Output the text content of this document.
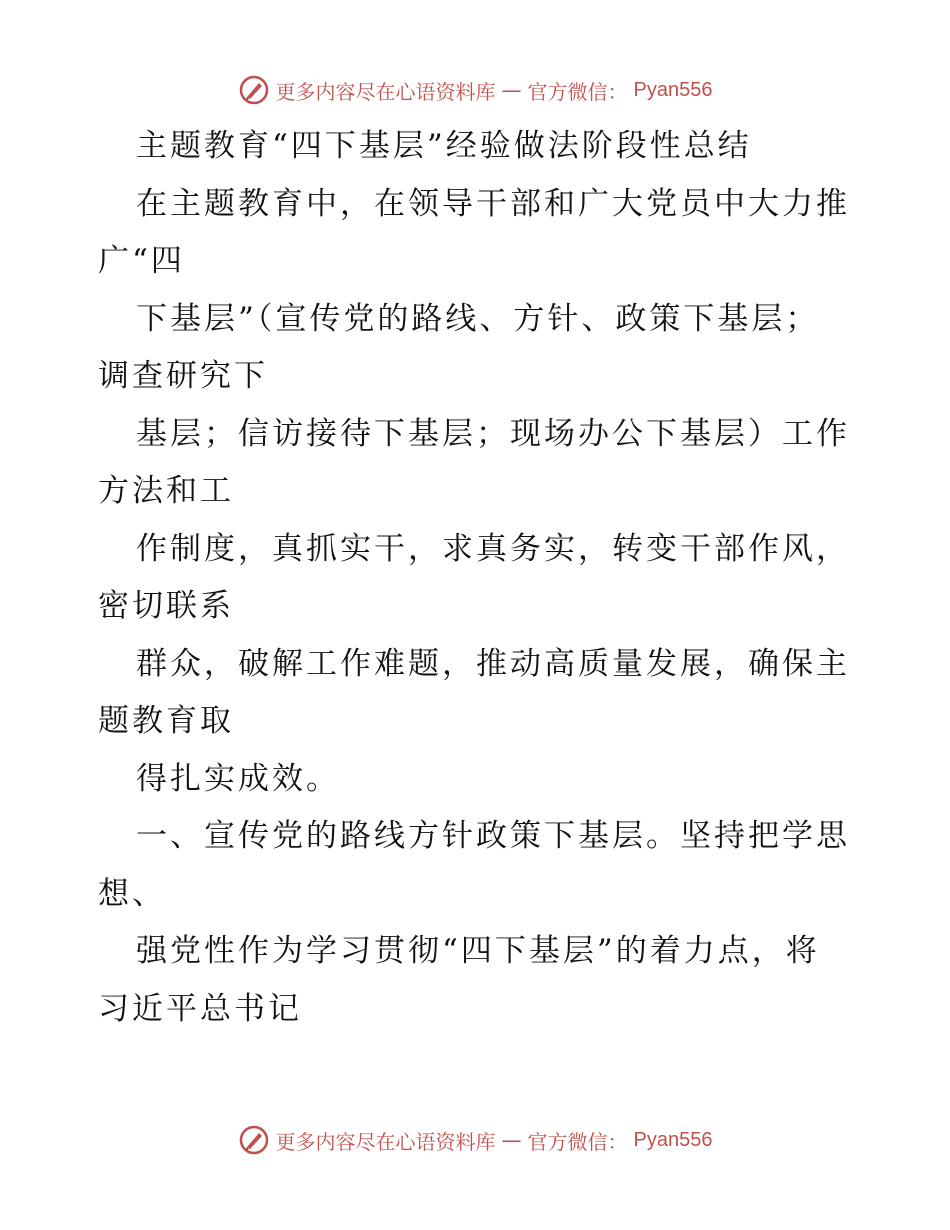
更多内容尽在心语资料库 — 官方微信： Pyan556
主题教育“四下基层”经验做法阶段性总结
在主题教育中，在领导干部和广大党员中大力推
广“四
下基层”（宣传党的路线、方针、政策下基层；
调查研究下
基层；信访接待下基层；现场办公下基层）工作
方法和工
作制度，真抓实干，求真务实，转变干部作风，
密切联系
群众，破解工作难题，推动高质量发展，确保主
题教育取
得扎实成效。
一、宣传党的路线方针政策下基层。坚持把学思
想、
强党性作为学习贯彻“四下基层”的着力点，将
习近平总书记
更多内容尽在心语资料库 — 官方微信： Pyan556
